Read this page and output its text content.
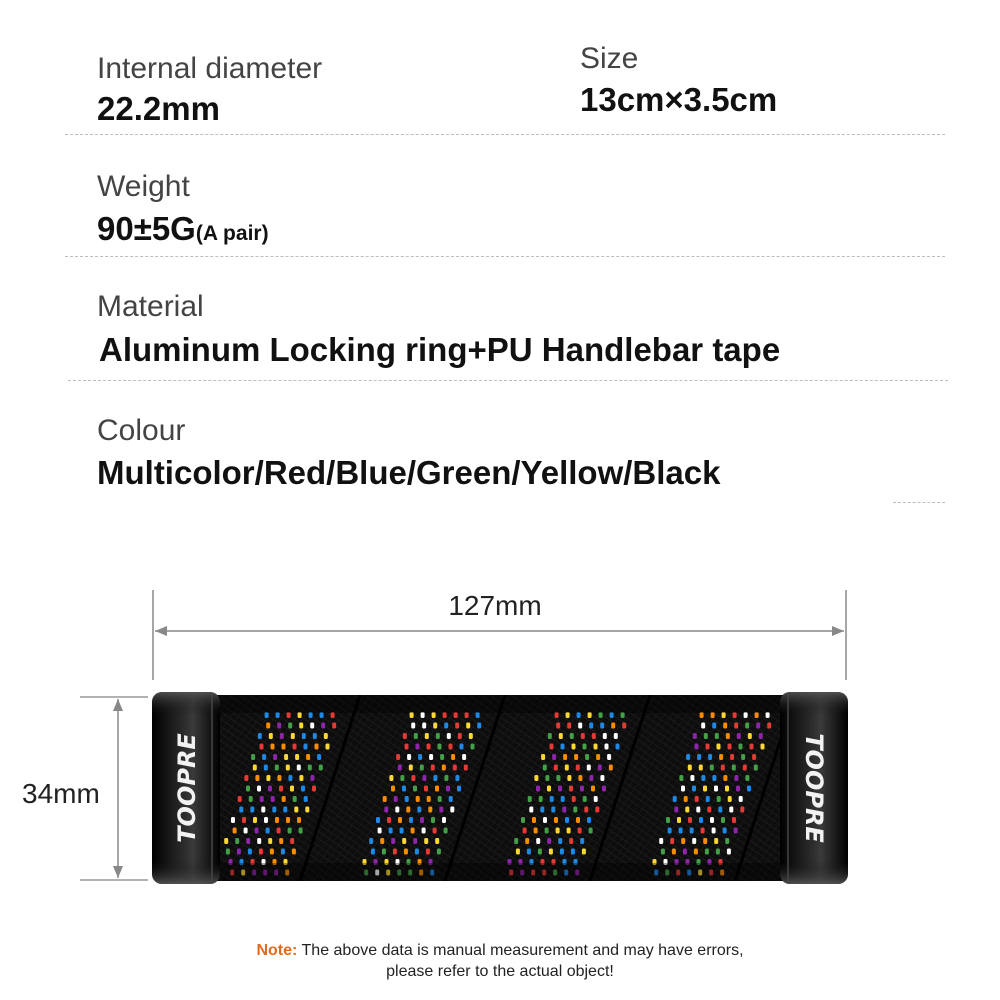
Internal diameter
22.2mm
Size
13cm×3.5cm
Weight
90±5G(A pair)
Material
Aluminum Locking ring+PU Handlebar tape
Colour
Multicolor/Red/Blue/Green/Yellow/Black
127mm
34mm	TOOPRE	TOOPRE
Note: The above data is manual measurement and may have errors,
please refer to the actual object!
